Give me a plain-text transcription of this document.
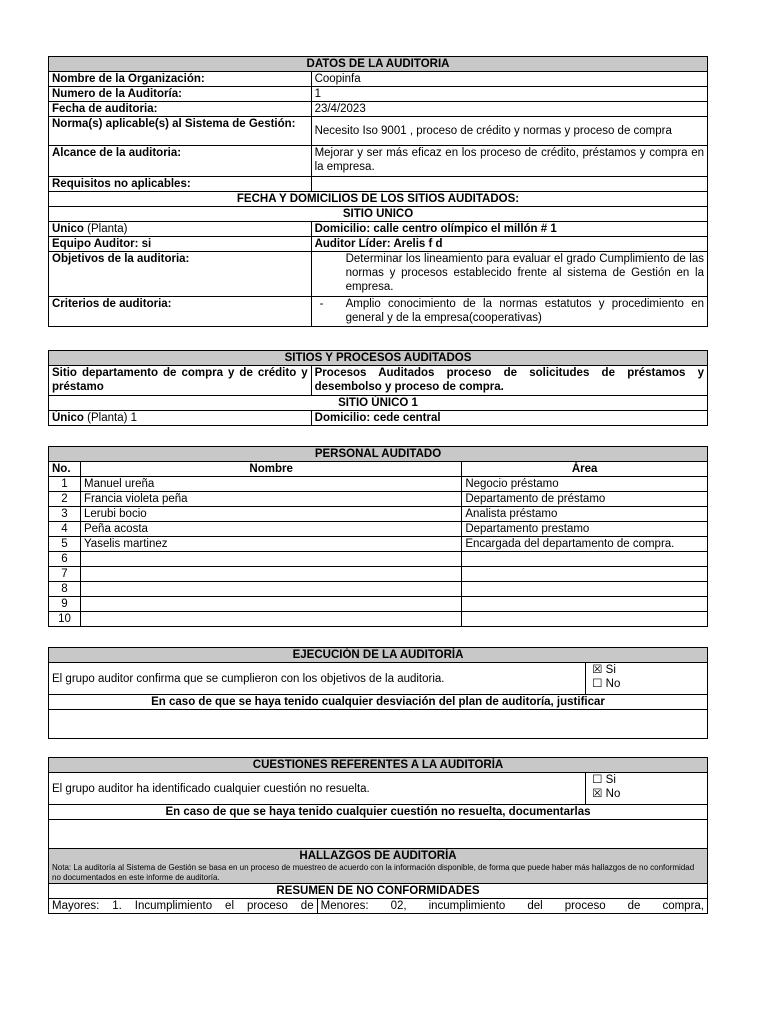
DATOS DE LA AUDITORIA	
Nombre de la Organización:	Coopinfa
Numero de la Auditoría:	1
Fecha de auditoria:	23/4/2023
Norma(s) aplicable(s) al Sistema de Gestión:	Necesito Iso 9001 , proceso de crédito y normas y proceso de compra
Alcance de la auditoria:	Mejorar y ser más eficaz en los proceso de crédito, préstamos y compra en la empresa.
Requisitos no aplicables:	
FECHA Y DOMICILIOS DE LOS SITIOS AUDITADOS:	
SITIO UNICO	
Unico (Planta)	Domicilio: calle centro olímpico el millón # 1
Equipo Auditor: si	Auditor Líder: Arelis f d
Objetivos de la auditoria:	Determinar los lineamiento para evaluar el grado Cumplimiento de las normas y procesos establecido frente al sistema de Gestión en la empresa.
Criterios de auditoria:	- Amplio conocimiento de la normas estatutos y procedimiento en general y de la empresa(cooperativas)
SITIOS Y PROCESOS AUDITADOS	
Sitio departamento de compra y de crédito y préstamo	Procesos Auditados proceso de solicitudes de préstamos y desembolso y proceso de compra.
SITIO ÚNICO 1	
Único (Planta) 1	Domicilio: cede central
PERSONAL AUDITADO		
No.	Nombre	Área
1	Manuel ureña	Negocio préstamo
2	Francia violeta peña	Departamento de préstamo
3	Lerubi bocio	Analista préstamo
4	Peña acosta	Departamento prestamo
5	Yaselis martinez	Encargada del departamento de compra.
6		
7		
8		
9		
10		
EJECUCIÓN DE LA AUDITORÍA
El grupo auditor confirma que se cumplieron con los objetivos de la auditoria.	
☒ Si
☐ No

En caso de que se haya tenido cualquier desviación del plan de auditoría, justificar

CUESTIONES REFERENTES A LA AUDITORÍA		
El grupo auditor ha identificado cualquier cuestión no resuelta.		☐ Si
☒ No

En caso de que se haya tenido cualquier cuestión no resuelta, documentarlas		

HALLAZGOS DE AUDITORÍA
Nota: La auditoría al Sistema de Gestión se basa en un proceso de muestreo de acuerdo con la información disponible, de forma que puede haber más hallazgos de no conformidad no documentados en este informe de auditoría.		

RESUMEN DE NO CONFORMIDADES		
Mayores: 1. Incumplimiento el proceso de	Menores: 02, incumplimiento del proceso de compra,	
